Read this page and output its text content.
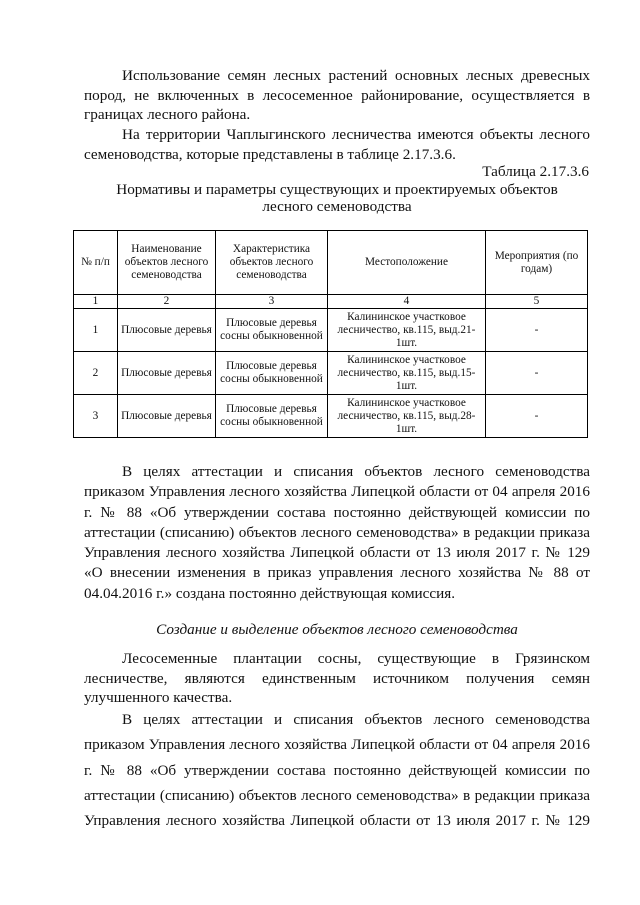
Использование семян лесных растений основных лесных древесных

пород, не включенных в лесосеменное районирование, осуществляется в

границах лесного района.

На территории Чаплыгинского лесничества имеются объекты лесного

семеноводства, которые представлены в таблице 2.17.3.6.

Таблица 2.17.3.6
Нормативы и параметры существующих и проектируемых объектов
лесного семеноводства
№ п/п	Наименование объектов лесного семеноводства	Характеристика объектов лесного семеноводства	Местоположение	Мероприятия (по годам)
1	2	3	4	5
1	Плюсовые деревья	Плюсовые деревья сосны обыкновенной	Калининское участковое лесничество, кв.115, выд.21-1шт.	-
2	Плюсовые деревья	Плюсовые деревья сосны обыкновенной	Калининское участковое лесничество, кв.115, выд.15-1шт.	-
3	Плюсовые деревья	Плюсовые деревья сосны обыкновенной	Калининское участковое лесничество, кв.115, выд.28-1шт.	-

В целях аттестации и списания объектов лесного семеноводства

приказом Управления лесного хозяйства Липецкой области от 04 апреля 2016

г. № 88 «Об утверждении состава постоянно действующей комиссии по

аттестации (списанию) объектов лесного семеноводства» в редакции приказа

Управления лесного хозяйства Липецкой области от 13 июля 2017 г. № 129

«О внесении изменения в приказ управления лесного хозяйства № 88 от

04.04.2016 г.» создана постоянно действующая комиссия.

Создание и выделение объектов лесного семеноводства

Лесосеменные плантации сосны, существующие в Грязинском

лесничестве, являются единственным источником получения семян

улучшенного качества.

В целях аттестации и списания объектов лесного семеноводства

приказом Управления лесного хозяйства Липецкой области от 04 апреля 2016

г. № 88 «Об утверждении состава постоянно действующей комиссии по

аттестации (списанию) объектов лесного семеноводства» в редакции приказа

Управления лесного хозяйства Липецкой области от 13 июля 2017 г. № 129
